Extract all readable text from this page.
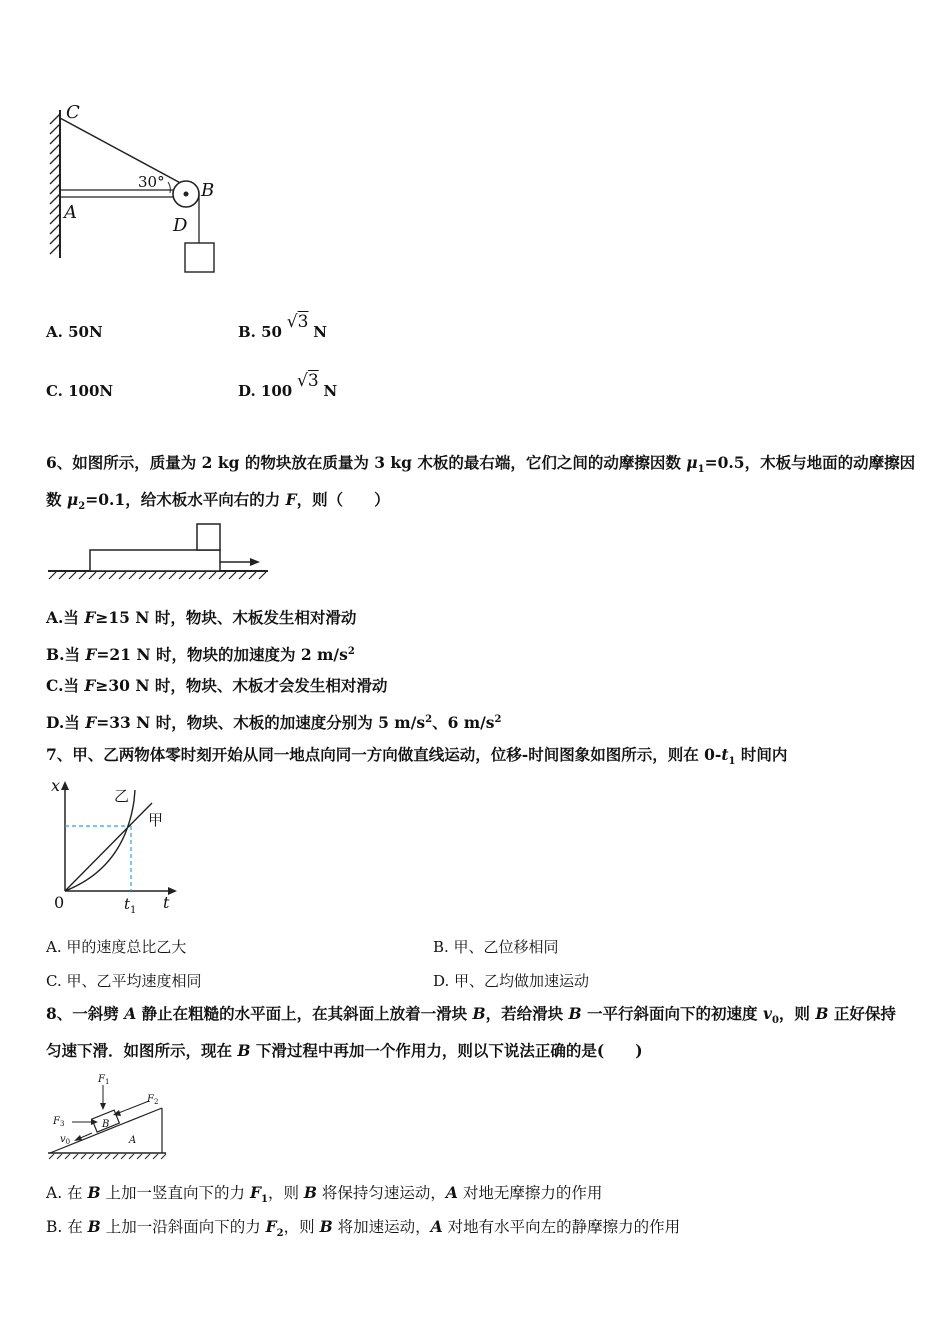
C
A
B
D
30°
A. 50N	B. 50 √3 N
C. 100N	D. 100 √3 N
6、如图所示，质量为 2 kg 的物块放在质量为 3 kg 木板的最右端，它们之间的动摩擦因数 $\mu_1=0.5$，木板与地面的动摩擦因
数 $\mu_2=0.1$，给木板水平向右的力 F，则（　　）
A.当 F≥15 N 时，物块、木板发生相对滑动
B.当 F=21 N 时，物块的加速度为 2 $m/s^2$
C.当 F≥30 N 时，物块、木板才会发生相对滑动
D.当 F=33 N 时，物块、木板的加速度分别为 5 $m/s^2$、6 $m/s^2$
7、甲、乙两物体零时刻开始从同一地点向同一方向做直线运动，位移-时间图象如图所示，则在 $0-t_1$ 时间内
x
t
0	$t_1$
甲
乙
A. 甲的速度总比乙大	B. 甲、乙位移相同
C. 甲、乙平均速度相同	D. 甲、乙均做加速运动
8、一斜劈 A 静止在粗糙的水平面上，在其斜面上放着一滑块 B，若给滑块 B 一平行斜面向下的初速度 $v_0$，则 B 正好保持
匀速下滑．如图所示，现在 B 下滑过程中再加一个作用力，则以下说法正确的是(　　)
$F_1$
$F_2$
$F_3$
$v_0$
B
A
A. 在 B 上加一竖直向下的力 $F_1$，则 B 将保持匀速运动，A 对地无摩擦力的作用
B. 在 B 上加一沿斜面向下的力 $F_2$，则 B 将加速运动，A 对地有水平向左的静摩擦力的作用
